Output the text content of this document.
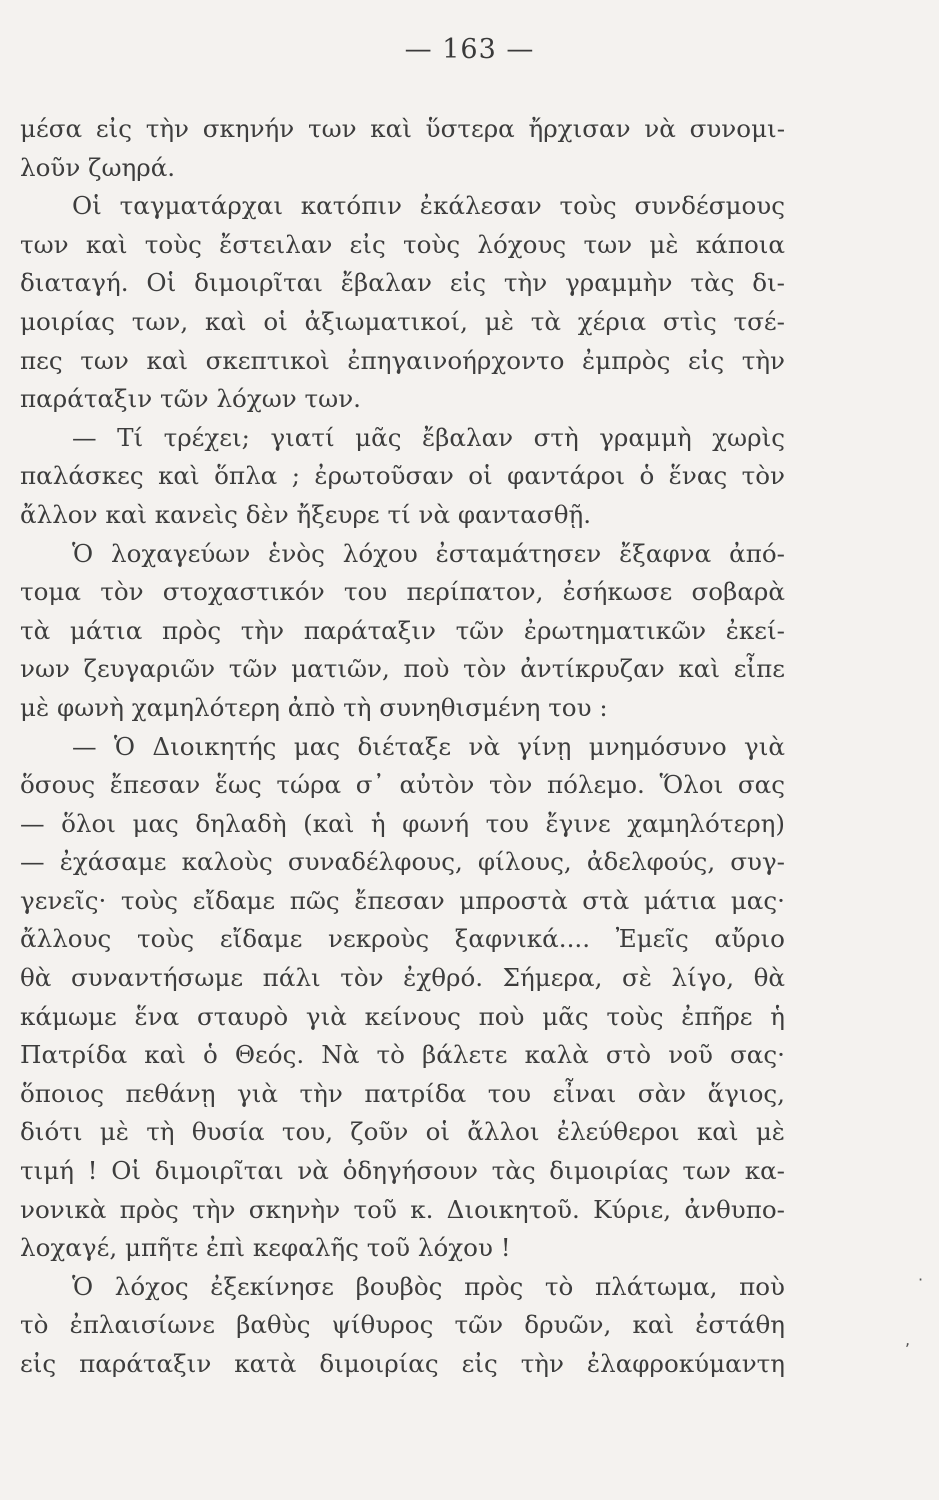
— 163 —
μέσα εἰς τὴν σκηνήν των καὶ ὕστερα ἤρχισαν νὰ συνομι-
λοῦν ζωηρά.
Οἱ ταγματάρχαι κατόπιν ἐκάλεσαν τοὺς συνδέσμους
των καὶ τοὺς ἔστειλαν εἰς τοὺς λόχους των μὲ κάποια
διαταγή. Οἱ διμοιρῖται ἔβαλαν εἰς τὴν γραμμὴν τὰς δι-
μοιρίας των, καὶ οἱ ἀξιωματικοί, μὲ τὰ χέρια στὶς τσέ-
πες των καὶ σκεπτικοὶ ἐπηγαινοήρχοντο ἐμπρὸς εἰς τὴν
παράταξιν τῶν λόχων των.
— Τί τρέχει; γιατί μᾶς ἔβαλαν στὴ γραμμὴ χωρὶς
παλάσκες καὶ ὅπλα ; ἐρωτοῦσαν οἱ φαντάροι ὁ ἕνας τὸν
ἄλλον καὶ κανεὶς δὲν ἤξευρε τί νὰ φαντασθῇ.
Ὁ λοχαγεύων ἑνὸς λόχου ἐσταμάτησεν ἔξαφνα ἀπό-
τομα τὸν στοχαστικόν του περίπατον, ἐσήκωσε σοβαρὰ
τὰ μάτια πρὸς τὴν παράταξιν τῶν ἐρωτηματικῶν ἐκεί-
νων ζευγαριῶν τῶν ματιῶν, ποὺ τὸν ἀντίκρυζαν καὶ εἶπε
μὲ φωνὴ χαμηλότερη ἀπὸ τὴ συνηθισμένη του :
— Ὁ Διοικητής μας διέταξε νὰ γίνῃ μνημόσυνο γιὰ
ὅσους ἔπεσαν ἕως τώρα σ᾽ αὐτὸν τὸν πόλεμο. Ὅλοι σας
— ὅλοι μας δηλαδὴ (καὶ ἡ φωνή του ἔγινε χαμηλότερη)
— ἐχάσαμε καλοὺς συναδέλφους, φίλους, ἀδελφούς, συγ-
γενεῖς· τοὺς εἴδαμε πῶς ἔπεσαν μπροστὰ στὰ μάτια μας·
ἄλλους τοὺς εἴδαμε νεκροὺς ξαφνικά.... Ἐμεῖς αὔριο
θὰ συναντήσωμε πάλι τὸν ἐχθρό. Σήμερα, σὲ λίγο, θὰ
κάμωμε ἕνα σταυρὸ γιὰ κείνους ποὺ μᾶς τοὺς ἐπῆρε ἡ
Πατρίδα καὶ ὁ Θεός. Νὰ τὸ βάλετε καλὰ στὸ νοῦ σας·
ὅποιος πεθάνῃ γιὰ τὴν πατρίδα του εἶναι σὰν ἅγιος,
διότι μὲ τὴ θυσία του, ζοῦν οἱ ἄλλοι ἐλεύθεροι καὶ μὲ
τιμή ! Οἱ διμοιρῖται νὰ ὁδηγήσουν τὰς διμοιρίας των κα-
νονικὰ πρὸς τὴν σκηνὴν τοῦ κ. Διοικητοῦ. Κύριε, ἀνθυπο-
λοχαγέ, μπῆτε ἐπὶ κεφαλῆς τοῦ λόχου !
Ὁ λόχος ἐξεκίνησε βουβὸς πρὸς τὸ πλάτωμα, ποὺ
τὸ ἐπλαισίωνε βαθὺς ψίθυρος τῶν δρυῶν, καὶ ἐστάθη
εἰς παράταξιν κατὰ διμοιρίας εἰς τὴν ἐλαφροκύμαντη
·
,
